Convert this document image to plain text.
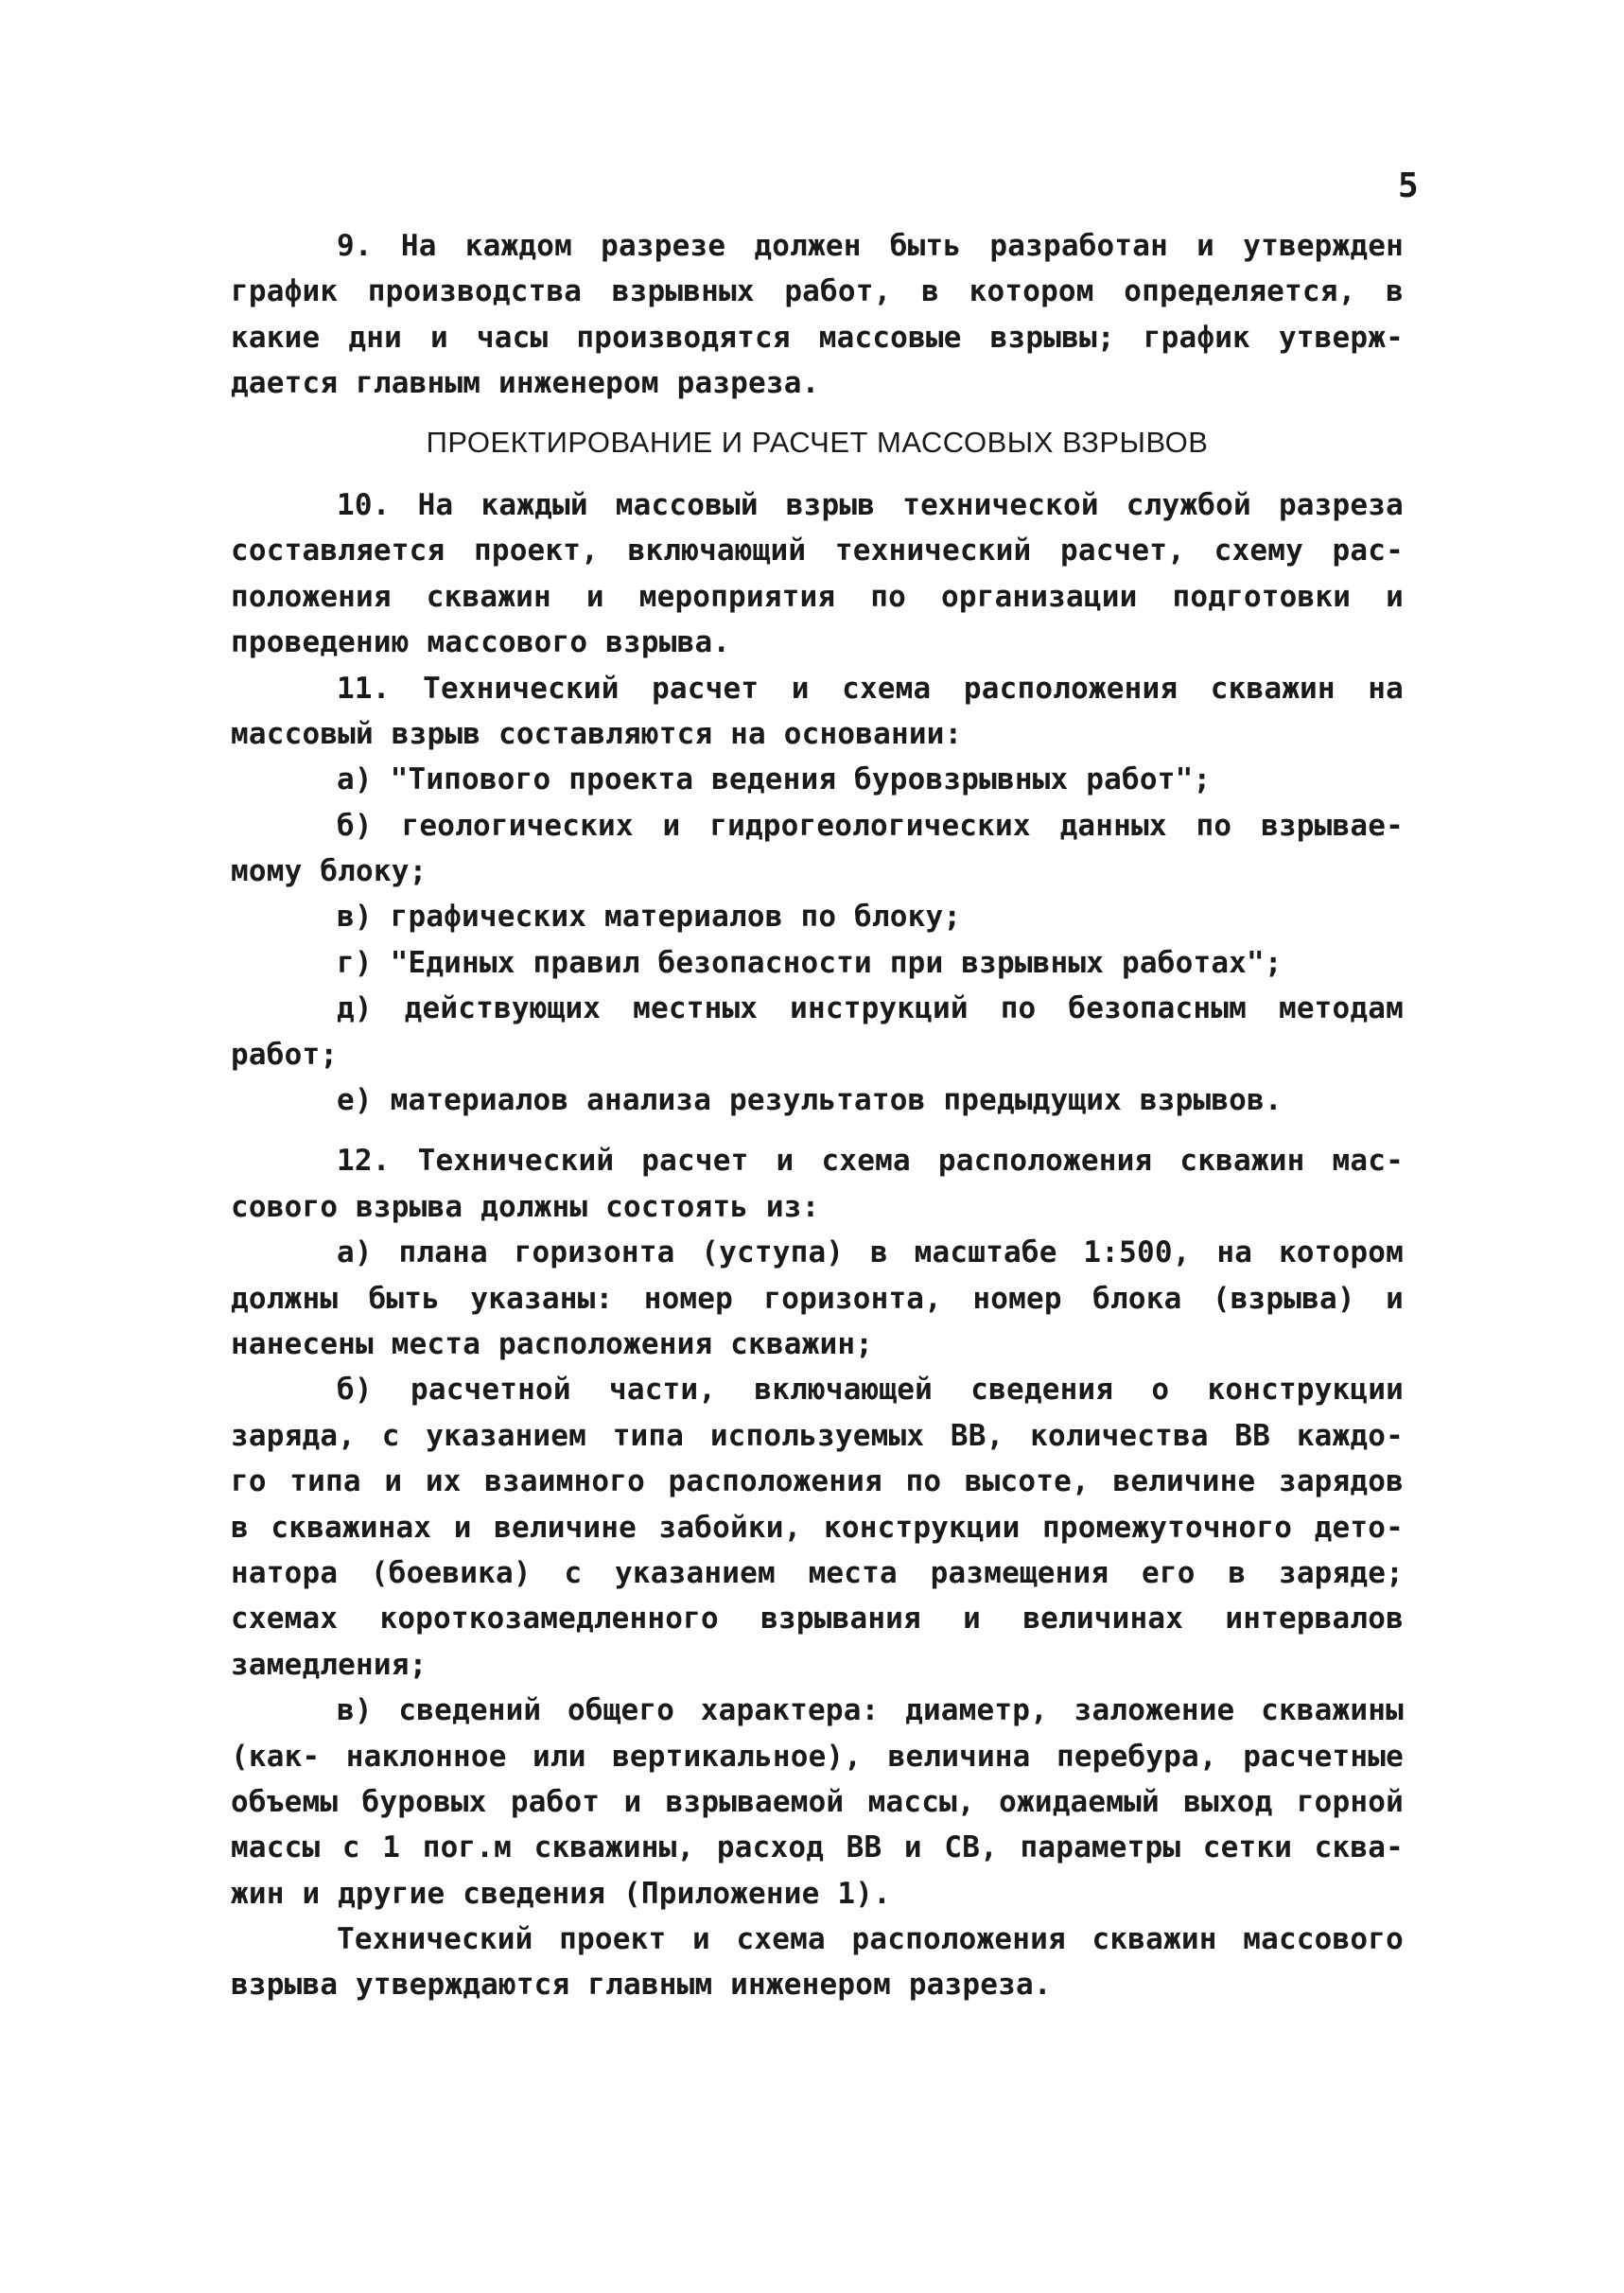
5
9. На каждом разрезе должен быть разработан и утвержден
график производства взрывных работ, в котором определяется, в
какие дни и часы производятся массовые взрывы; график утверж-
дается главным инженером разреза.
ПРОЕКТИРОВАНИЕ И РАСЧЕТ МАССОВЫХ ВЗРЫВОВ
10. На каждый массовый взрыв технической службой разреза
составляется проект, включающий технический расчет, схему рас-
положения скважин и мероприятия по организации подготовки и
проведению массового взрыва.
11. Технический расчет и схема расположения скважин на
массовый взрыв составляются на основании:
а) "Типового проекта ведения буровзрывных работ";
б) геологических и гидрогеологических данных по взрывае-
мому блоку;
в) графических материалов по блоку;
г) "Единых правил безопасности при взрывных работах";
д) действующих местных инструкций по безопасным методам
работ;
е) материалов анализа результатов предыдущих взрывов.
12. Технический расчет и схема расположения скважин мас-
сового взрыва должны состоять из:
а) плана горизонта (уступа) в масштабе 1:500, на котором
должны быть указаны: номер горизонта, номер блока (взрыва) и
нанесены места расположения скважин;
б) расчетной части, включающей сведения о конструкции
заряда, с указанием типа используемых ВВ, количества ВВ каждо-
го типа и их взаимного расположения по высоте, величине зарядов
в скважинах и величине забойки, конструкции промежуточного дето-
натора (боевика) с указанием места размещения его в заряде;
схемах короткозамедленного взрывания и величинах интервалов
замедления;
в) сведений общего характера: диаметр, заложение скважины
(как- наклонное или вертикальное), величина перебура, расчетные
объемы буровых работ и взрываемой массы, ожидаемый выход горной
массы с 1 пог.м скважины, расход ВВ и СВ, параметры сетки сква-
жин и другие сведения (Приложение 1).
Технический проект и схема расположения скважин массового
взрыва утверждаются главным инженером разреза.
